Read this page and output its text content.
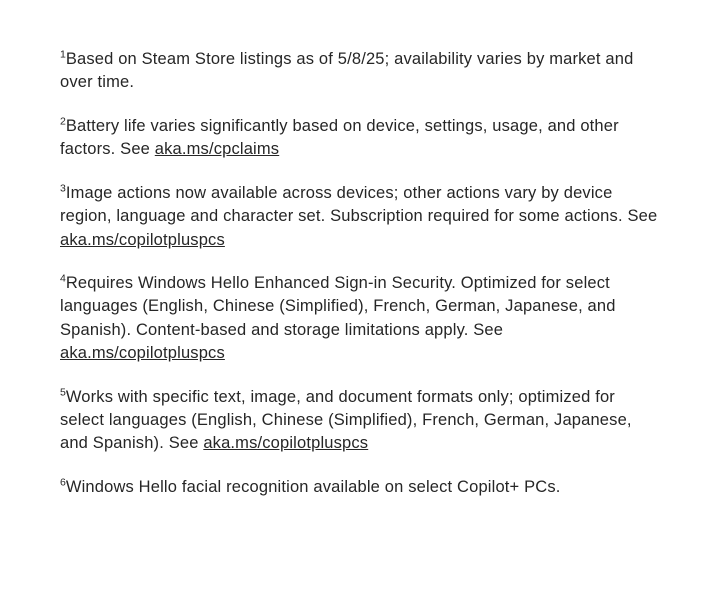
$^1$Based on Steam Store listings as of 5/8/25; availability varies by market and over time.

$^2$Battery life varies significantly based on device, settings, usage, and other factors. See aka.ms/cpclaims

$^3$Image actions now available across devices; other actions vary by device region, language and character set. Subscription required for some actions. See aka.ms/copilotpluspcs

$^4$Requires Windows Hello Enhanced Sign-in Security. Optimized for select languages (English, Chinese (Simplified), French, German, Japanese, and Spanish). Content-based and storage limitations apply. See aka.ms/copilotpluspcs

$^5$Works with specific text, image, and document formats only; optimized for select languages (English, Chinese (Simplified), French, German, Japanese, and Spanish). See aka.ms/copilotpluspcs

$^6$Windows Hello facial recognition available on select Copilot+ PCs.
